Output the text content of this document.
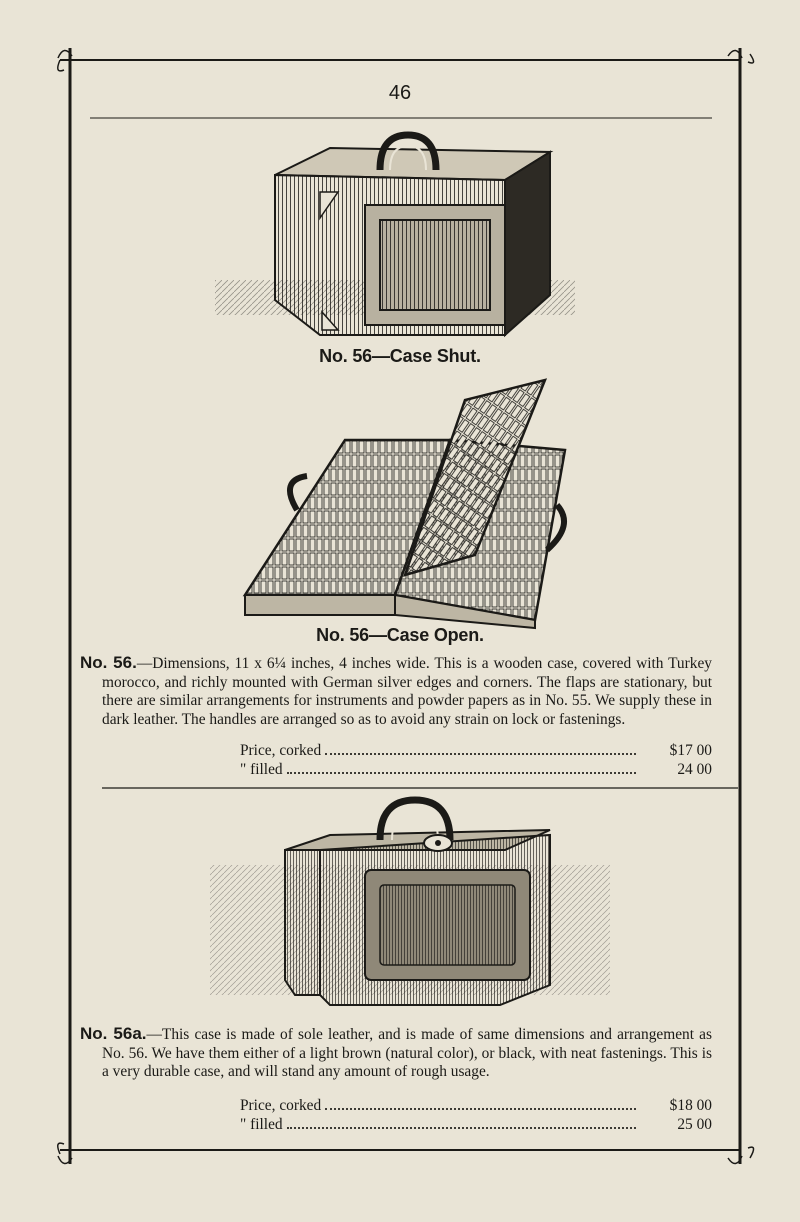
46
No. 56—Case Shut.
No. 56—Case Open.
No. 56.—Dimensions, 11 x 6¼ inches, 4 inches wide. This is a wooden case, covered with Turkey morocco, and richly mounted with German silver edges and corners. The flaps are stationary, but there are similar arrangements for instruments and powder papers as in No. 55. We supply these in dark leather. The handles are arranged so as to avoid any strain on lock or fastenings.
Price, corked	$17 00
" filled	24 00
No. 56a.—This case is made of sole leather, and is made of same dimensions and arrangement as No. 56. We have them either of a light brown (natural color), or black, with neat fastenings. This is a very durable case, and will stand any amount of rough usage.
Price, corked	$18 00
" filled	25 00
